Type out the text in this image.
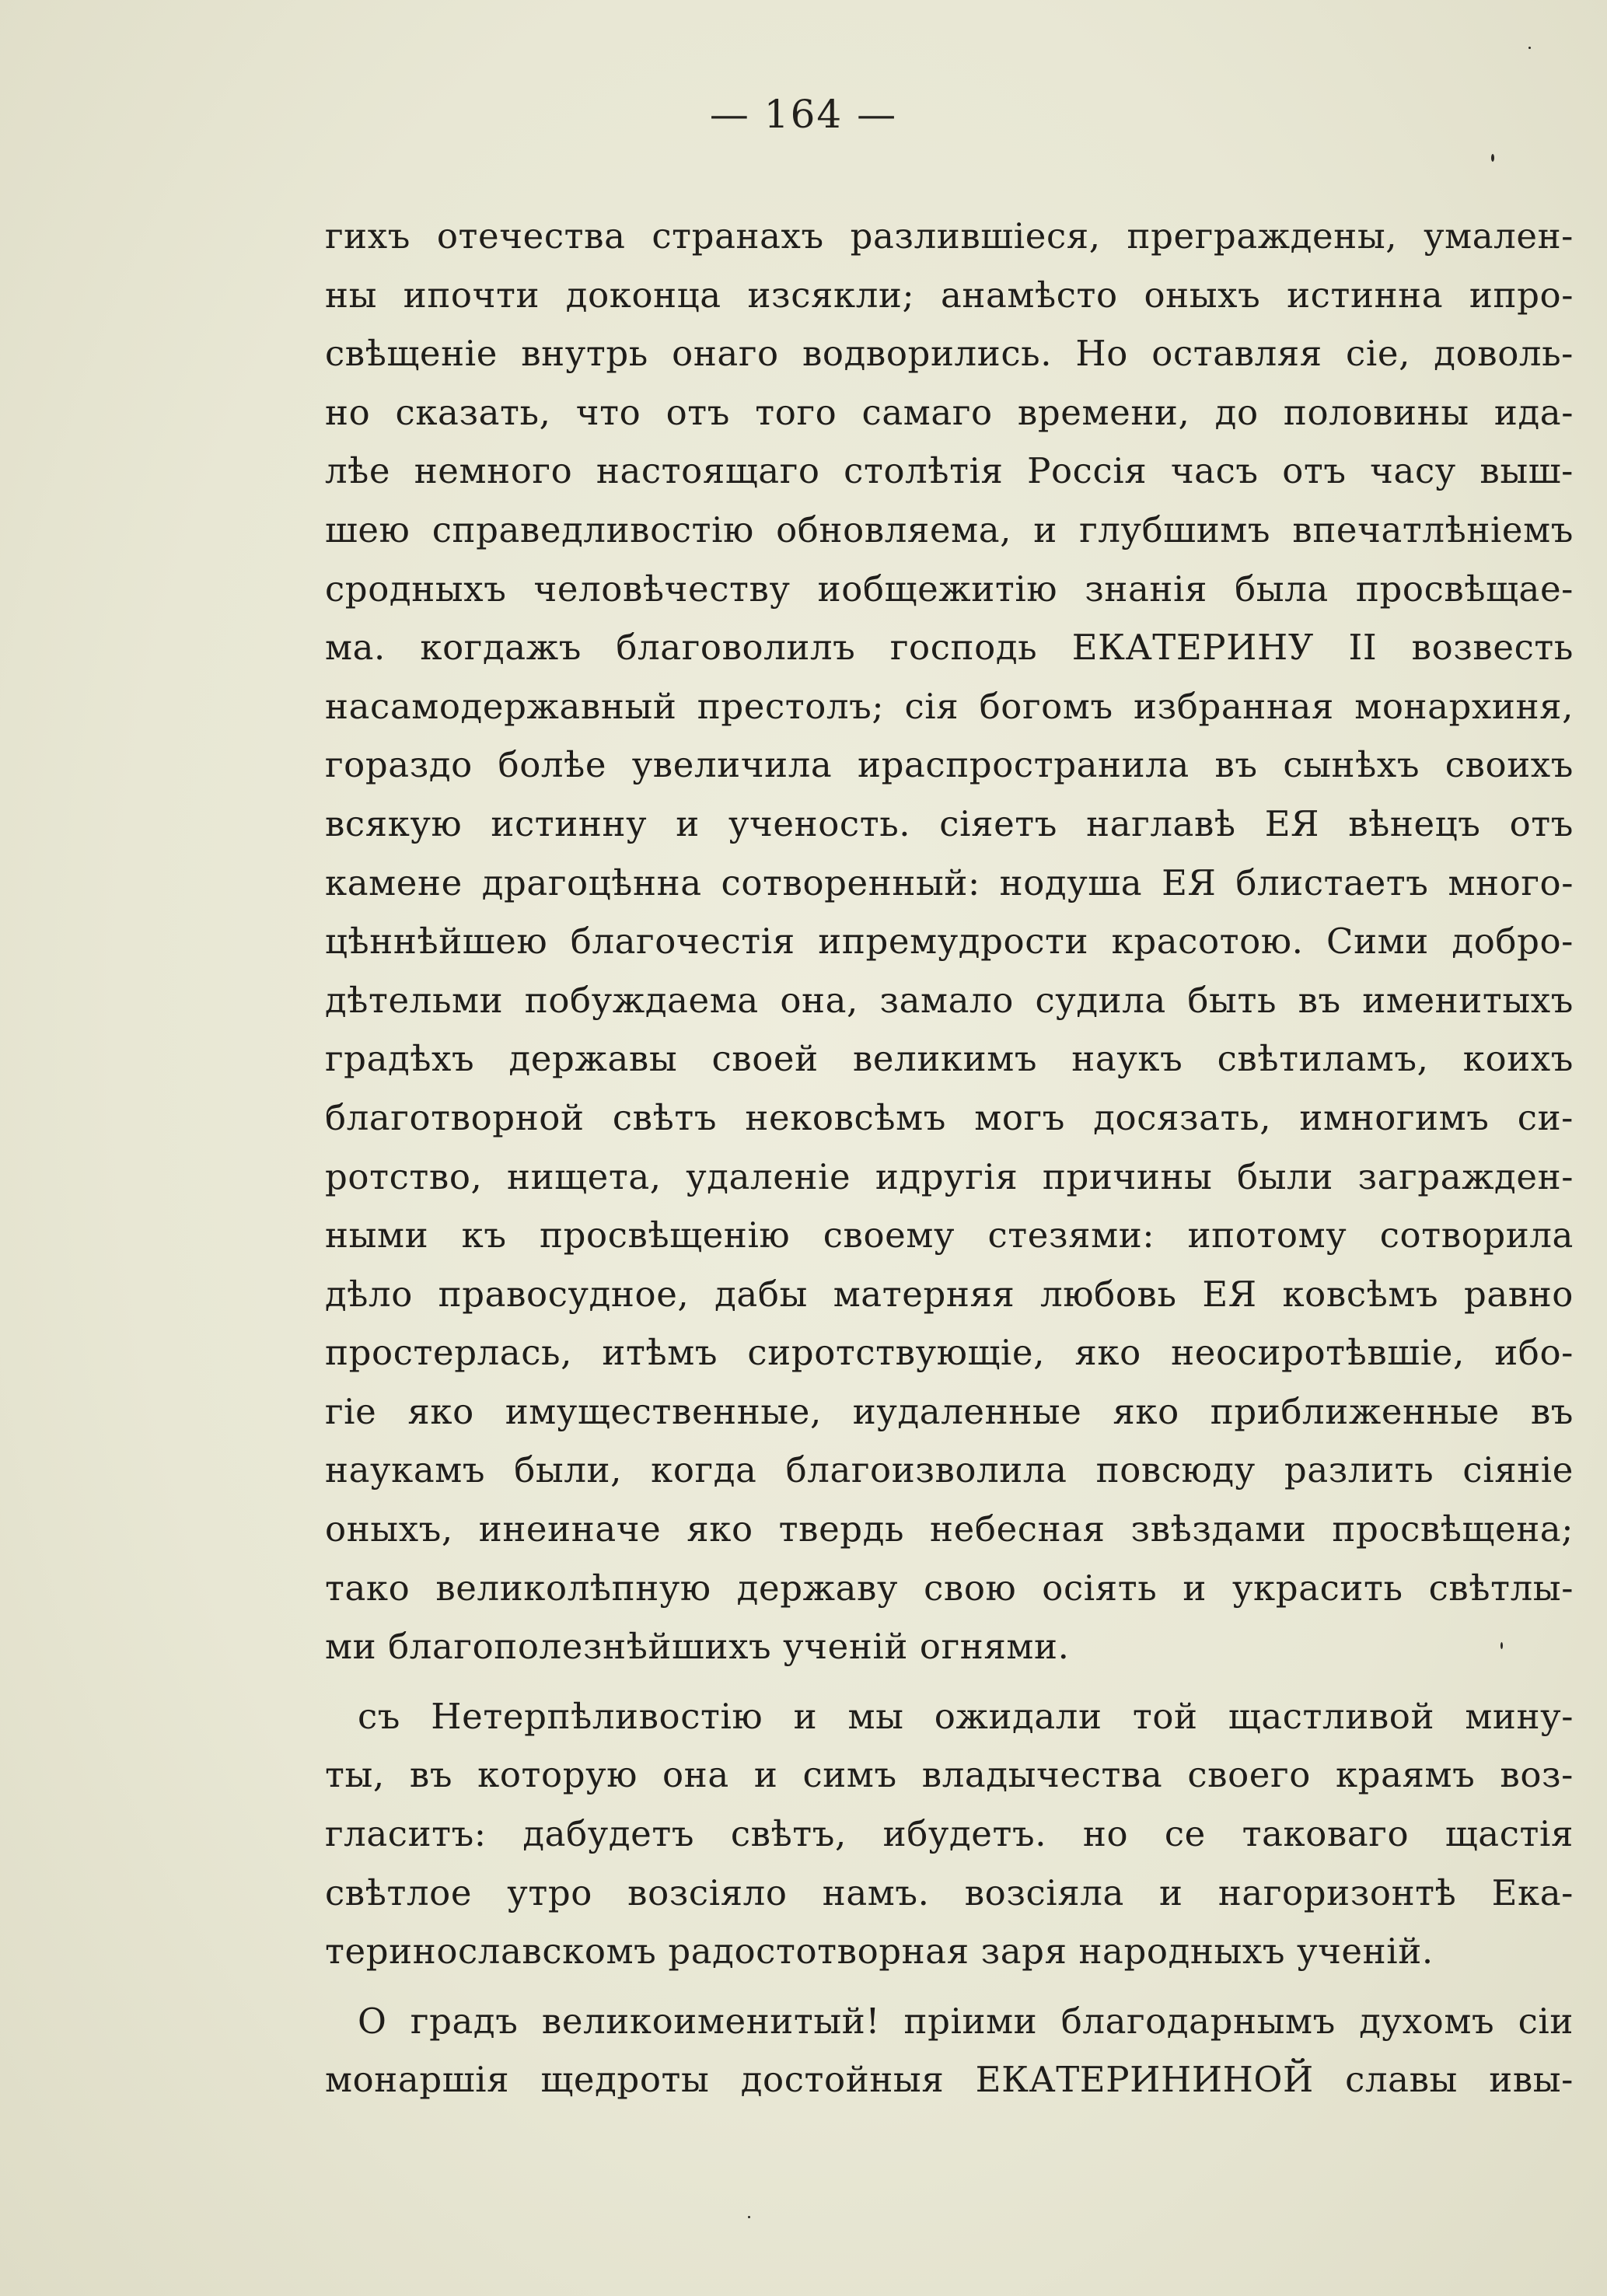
— 164 —
гихъ отечества странахъ разлившіеся, преграждены, умален-
ны ипочти доконца изсякли; анамѣсто оныхъ истинна ипро-
свѣщеніе внутрь онаго водворились. Но оставляя сіе, доволь-
но сказать, что отъ того самаго времени, до половины ида-
лѣе немного настоящаго столѣтія Россія часъ отъ часу выш-
шею справедливостію обновляема, и глубшимъ впечатлѣніемъ
сродныхъ человѣчеству иобщежитію знанія была просвѣщае-
ма. когдажъ благоволилъ господь ЕКАТЕРИНУ II возвесть
насамодержавный престолъ; сія богомъ избранная монархиня,
гораздо болѣе увеличила ираспространила въ сынѣхъ своихъ
всякую истинну и ученость. сіяетъ наглавѣ ЕЯ вѣнецъ отъ
камене драгоцѣнна сотворенный: нодуша ЕЯ блистаетъ много-
цѣннѣйшею благочестія ипремудрости красотою. Сими добро-
дѣтельми побуждаема она, замало судила быть въ именитыхъ
градѣхъ державы своей великимъ наукъ свѣтиламъ, коихъ
благотворной свѣтъ нековсѣмъ могъ досязать, имногимъ си-
ротство, нищета, удаленіе идругія причины были загражден-
ными къ просвѣщенію своему стезями: ипотому сотворила
дѣло правосудное, дабы матерняя любовь ЕЯ ковсѣмъ равно
простерлась, итѣмъ сиротствующіе, яко неосиротѣвшіе, ибо-
гіе яко имущественные, иудаленные яко приближенные въ
наукамъ были, когда благоизволила повсюду разлить сіяніе
оныхъ, инеиначе яко твердь небесная звѣздами просвѣщена;
тако великолѣпную державу свою осіять и украсить свѣтлы-
ми благополезнѣйшихъ ученій огнями.
съ Нетерпѣливостію и мы ожидали той щастливой мину-
ты, въ которую она и симъ владычества своего краямъ воз-
гласитъ: дабудетъ свѣтъ, ибудетъ. но се таковаго щастія
свѣтлое утро возсіяло намъ. возсіяла и нагоризонтѣ Ека-
теринославскомъ радостотворная заря народныхъ ученій.
О градъ великоименитый! пріими благодарнымъ духомъ сіи
монаршія щедроты достойныя ЕКАТЕРИНИНОЙ славы ивы-
